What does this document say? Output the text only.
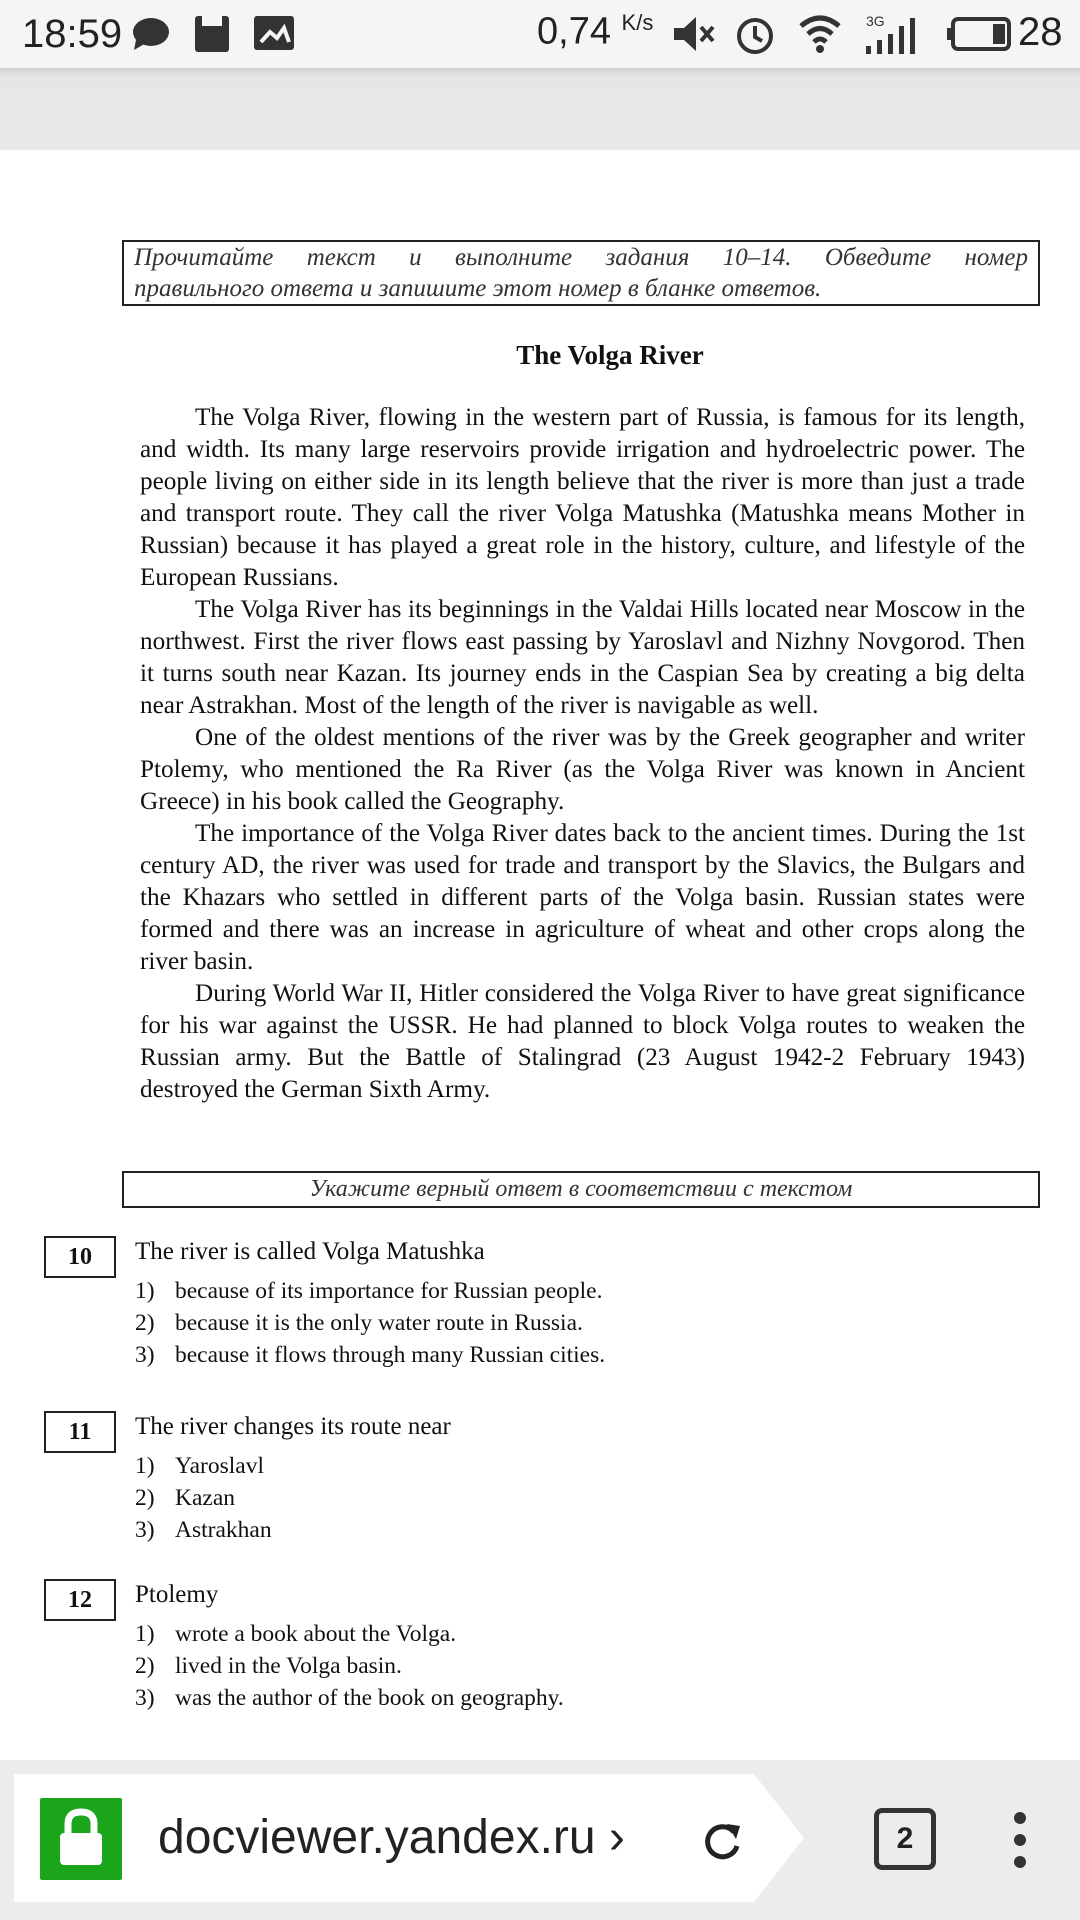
18:59	0,74 $^{K/s}$	3G	28
Прочитайте текст и выполните задания 10–14. Обведите номер
правильного ответа и запишите этот номер в бланке ответов.
The Volga River

The Volga River, flowing in the western part of Russia, is famous for its length, and width. Its many large reservoirs provide irrigation and hydroelectric power. The people living on either side in its length believe that the river is more than just a trade and transport route. They call the river Volga Matushka (Matushka means Mother in Russian) because it has played a great role in the history, culture, and lifestyle of the European Russians.

The Volga River has its beginnings in the Valdai Hills located near Moscow in the northwest. First the river flows east passing by Yaroslavl and Nizhny Novgorod. Then it turns south near Kazan. Its journey ends in the Caspian Sea by creating a big delta near Astrakhan. Most of the length of the river is navigable as well.

One of the oldest mentions of the river was by the Greek geographer and writer Ptolemy, who mentioned the Ra River (as the Volga River was known in Ancient Greece) in his book called the Geography.

The importance of the Volga River dates back to the ancient times. During the 1st century AD, the river was used for trade and transport by the Slavics, the Bulgars and the Khazars who settled in different parts of the Volga basin. Russian states were formed and there was an increase in agriculture of wheat and other crops along the river basin.

During World War II, Hitler considered the Volga River to have great significance for his war against the USSR. He had planned to block Volga routes to weaken the Russian army. But the Battle of Stalingrad (23 August 1942-2 February 1943) destroyed the German Sixth Army.

Укажите верный ответ в соответствии с текстом
10	The river is called Volga Matushka
1) because of its importance for Russian people.
2) because it is the only water route in Russia.
3) because it flows through many Russian cities.
11	The river changes its route near
1) Yaroslavl
2) Kazan
3) Astrakhan
12	Ptolemy
1) wrote a book about the Volga.
2) lived in the Volga basin.
3) was the author of the book on geography.
docviewer.yandex.ru ›	2
